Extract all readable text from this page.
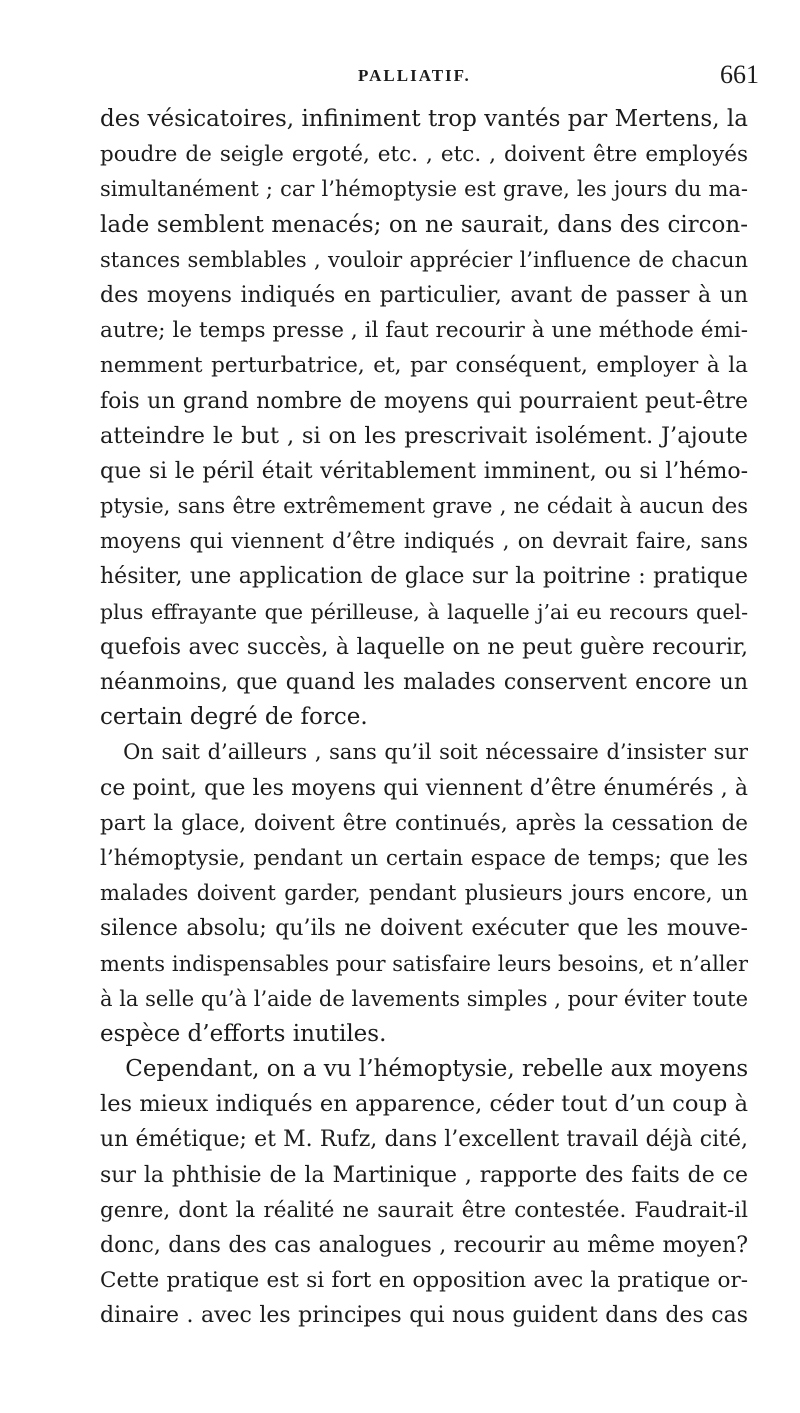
PALLIATIF.	661
des vésicatoires, infiniment trop vantés par Mertens, la
poudre de seigle ergoté, etc. , etc. , doivent être employés
simultanément ; car l’hémoptysie est grave, les jours du ma-
lade semblent menacés; on ne saurait, dans des circon-
stances semblables , vouloir apprécier l’influence de chacun
des moyens indiqués en particulier, avant de passer à un
autre; le temps presse , il faut recourir à une méthode émi-
nemment perturbatrice, et, par conséquent, employer à la
fois un grand nombre de moyens qui pourraient peut-être
atteindre le but , si on les prescrivait isolément. J’ajoute
que si le péril était véritablement imminent, ou si l’hémo-
ptysie, sans être extrêmement grave , ne cédait à aucun des
moyens qui viennent d’être indiqués , on devrait faire, sans
hésiter, une application de glace sur la poitrine : pratique
plus effrayante que périlleuse, à laquelle j’ai eu recours quel-
quefois avec succès, à laquelle on ne peut guère recourir,
néanmoins, que quand les malades conservent encore un
certain degré de force.
On sait d’ailleurs , sans qu’il soit nécessaire d’insister sur
ce point, que les moyens qui viennent d’être énumérés , à
part la glace, doivent être continués, après la cessation de
l’hémoptysie, pendant un certain espace de temps; que les
malades doivent garder, pendant plusieurs jours encore, un
silence absolu; qu’ils ne doivent exécuter que les mouve-
ments indispensables pour satisfaire leurs besoins, et n’aller
à la selle qu’à l’aide de lavements simples , pour éviter toute
espèce d’efforts inutiles.
Cependant, on a vu l’hémoptysie, rebelle aux moyens
les mieux indiqués en apparence, céder tout d’un coup à
un émétique; et M. Rufz, dans l’excellent travail déjà cité,
sur la phthisie de la Martinique , rapporte des faits de ce
genre, dont la réalité ne saurait être contestée. Faudrait-il
donc, dans des cas analogues , recourir au même moyen?
Cette pratique est si fort en opposition avec la pratique or-
dinaire . avec les principes qui nous guident dans des cas
